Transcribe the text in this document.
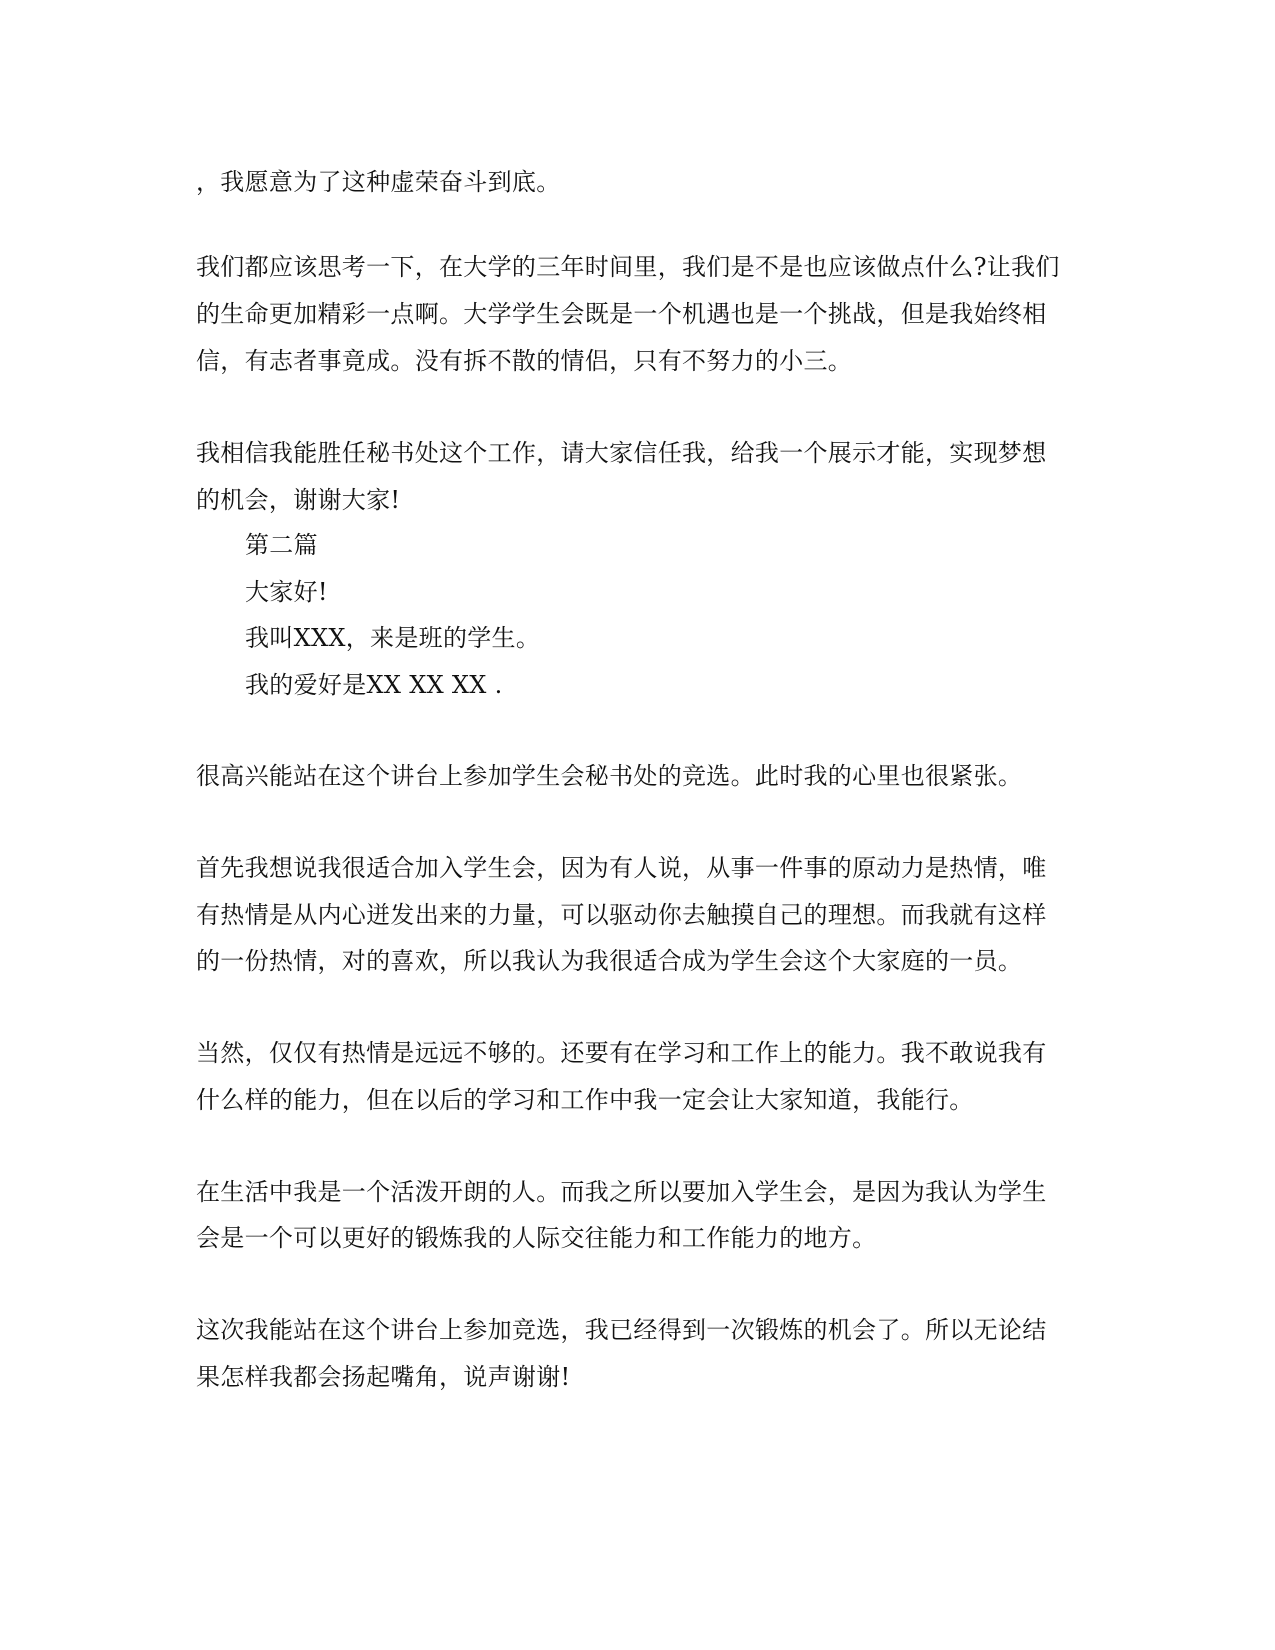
，我愿意为了这种虚荣奋斗到底。
我们都应该思考一下，在大学的三年时间里，我们是不是也应该做点什么?让我们
的生命更加精彩一点啊。大学学生会既是一个机遇也是一个挑战，但是我始终相
信，有志者事竟成。没有拆不散的情侣，只有不努力的小三。
我相信我能胜任秘书处这个工作，请大家信任我，给我一个展示才能，实现梦想
的机会，谢谢大家!
第二篇
大家好!
我叫XXX，来是班的学生。
我的爱好是XX XX XX .
很高兴能站在这个讲台上参加学生会秘书处的竞选。此时我的心里也很紧张。
首先我想说我很适合加入学生会，因为有人说，从事一件事的原动力是热情，唯
有热情是从内心迸发出来的力量，可以驱动你去触摸自己的理想。而我就有这样
的一份热情，对的喜欢，所以我认为我很适合成为学生会这个大家庭的一员。
当然，仅仅有热情是远远不够的。还要有在学习和工作上的能力。我不敢说我有
什么样的能力，但在以后的学习和工作中我一定会让大家知道，我能行。
在生活中我是一个活泼开朗的人。而我之所以要加入学生会，是因为我认为学生
会是一个可以更好的锻炼我的人际交往能力和工作能力的地方。
这次我能站在这个讲台上参加竞选，我已经得到一次锻炼的机会了。所以无论结
果怎样我都会扬起嘴角，说声谢谢!
